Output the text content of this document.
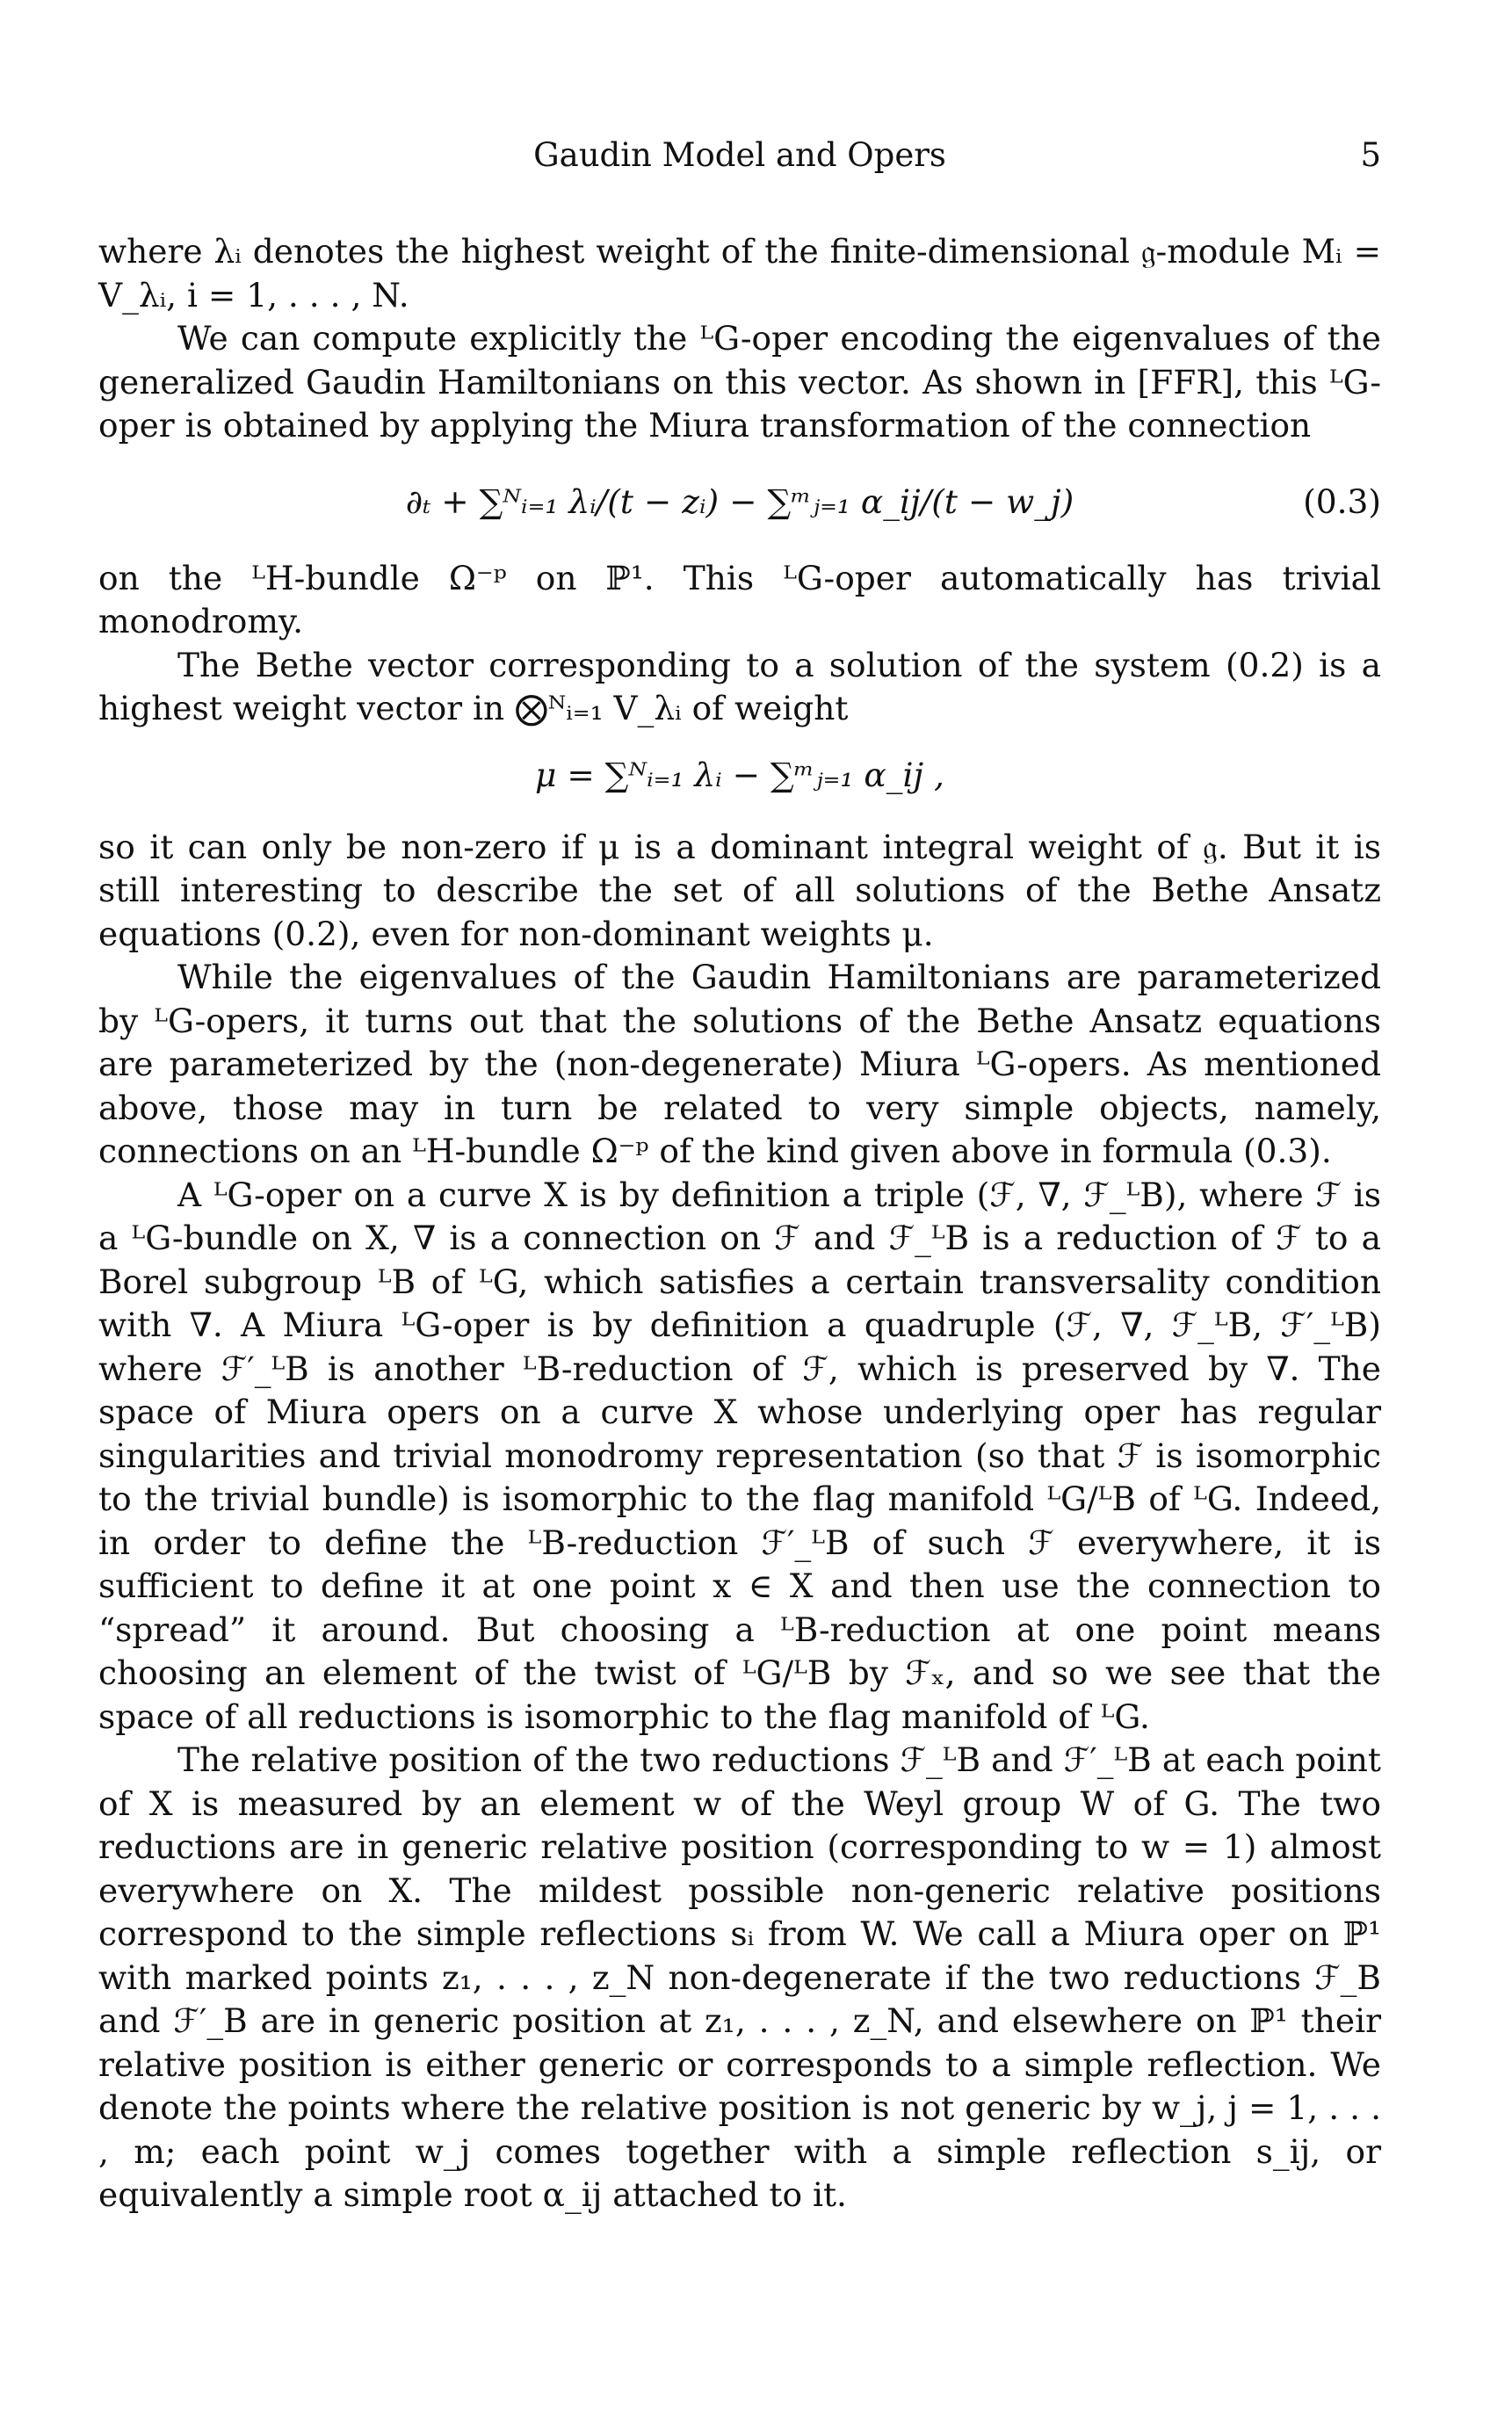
Gaudin Model and Opers	5

where λᵢ denotes the highest weight of the finite-dimensional 𝔤-module Mᵢ = V_λᵢ, i = 1, . . . , N.

We can compute explicitly the ᴸG-oper encoding the eigenvalues of the generalized Gaudin Hamiltonians on this vector. As shown in [FFR], this ᴸG-oper is obtained by applying the Miura transformation of the connection

∂ₜ + ∑ᴺᵢ₌₁ λᵢ/(t − zᵢ) − ∑ᵐⱼ₌₁ α_ij/(t − w_j)	(0.3)

on the ᴸH-bundle Ω⁻ᵖ on ℙ¹. This ᴸG-oper automatically has trivial monodromy.

The Bethe vector corresponding to a solution of the system (0.2) is a highest weight vector in ⨂ᴺᵢ₌₁ V_λᵢ of weight

μ = ∑ᴺᵢ₌₁ λᵢ − ∑ᵐⱼ₌₁ α_ij ,

so it can only be non-zero if μ is a dominant integral weight of 𝔤. But it is still interesting to describe the set of all solutions of the Bethe Ansatz equations (0.2), even for non-dominant weights μ.

While the eigenvalues of the Gaudin Hamiltonians are parameterized by ᴸG-opers, it turns out that the solutions of the Bethe Ansatz equations are parameterized by the (non-degenerate) Miura ᴸG-opers. As mentioned above, those may in turn be related to very simple objects, namely, connections on an ᴸH-bundle Ω⁻ᵖ of the kind given above in formula (0.3).

A ᴸG-oper on a curve X is by definition a triple (ℱ, ∇, ℱ_ᴸB), where ℱ is a ᴸG-bundle on X, ∇ is a connection on ℱ and ℱ_ᴸB is a reduction of ℱ to a Borel subgroup ᴸB of ᴸG, which satisfies a certain transversality condition with ∇. A Miura ᴸG-oper is by definition a quadruple (ℱ, ∇, ℱ_ᴸB, ℱ′_ᴸB) where ℱ′_ᴸB is another ᴸB-reduction of ℱ, which is preserved by ∇. The space of Miura opers on a curve X whose underlying oper has regular singularities and trivial monodromy representation (so that ℱ is isomorphic to the trivial bundle) is isomorphic to the flag manifold ᴸG/ᴸB of ᴸG. Indeed, in order to define the ᴸB-reduction ℱ′_ᴸB of such ℱ everywhere, it is sufficient to define it at one point x ∈ X and then use the connection to “spread” it around. But choosing a ᴸB-reduction at one point means choosing an element of the twist of ᴸG/ᴸB by ℱₓ, and so we see that the space of all reductions is isomorphic to the flag manifold of ᴸG.

The relative position of the two reductions ℱ_ᴸB and ℱ′_ᴸB at each point of X is measured by an element w of the Weyl group W of G. The two reductions are in generic relative position (corresponding to w = 1) almost everywhere on X. The mildest possible non-generic relative positions correspond to the simple reflections sᵢ from W. We call a Miura oper on ℙ¹ with marked points z₁, . . . , z_N non-degenerate if the two reductions ℱ_B and ℱ′_B are in generic position at z₁, . . . , z_N, and elsewhere on ℙ¹ their relative position is either generic or corresponds to a simple reflection. We denote the points where the relative position is not generic by w_j, j = 1, . . . , m; each point w_j comes together with a simple reflection s_ij, or equivalently a simple root α_ij attached to it.
